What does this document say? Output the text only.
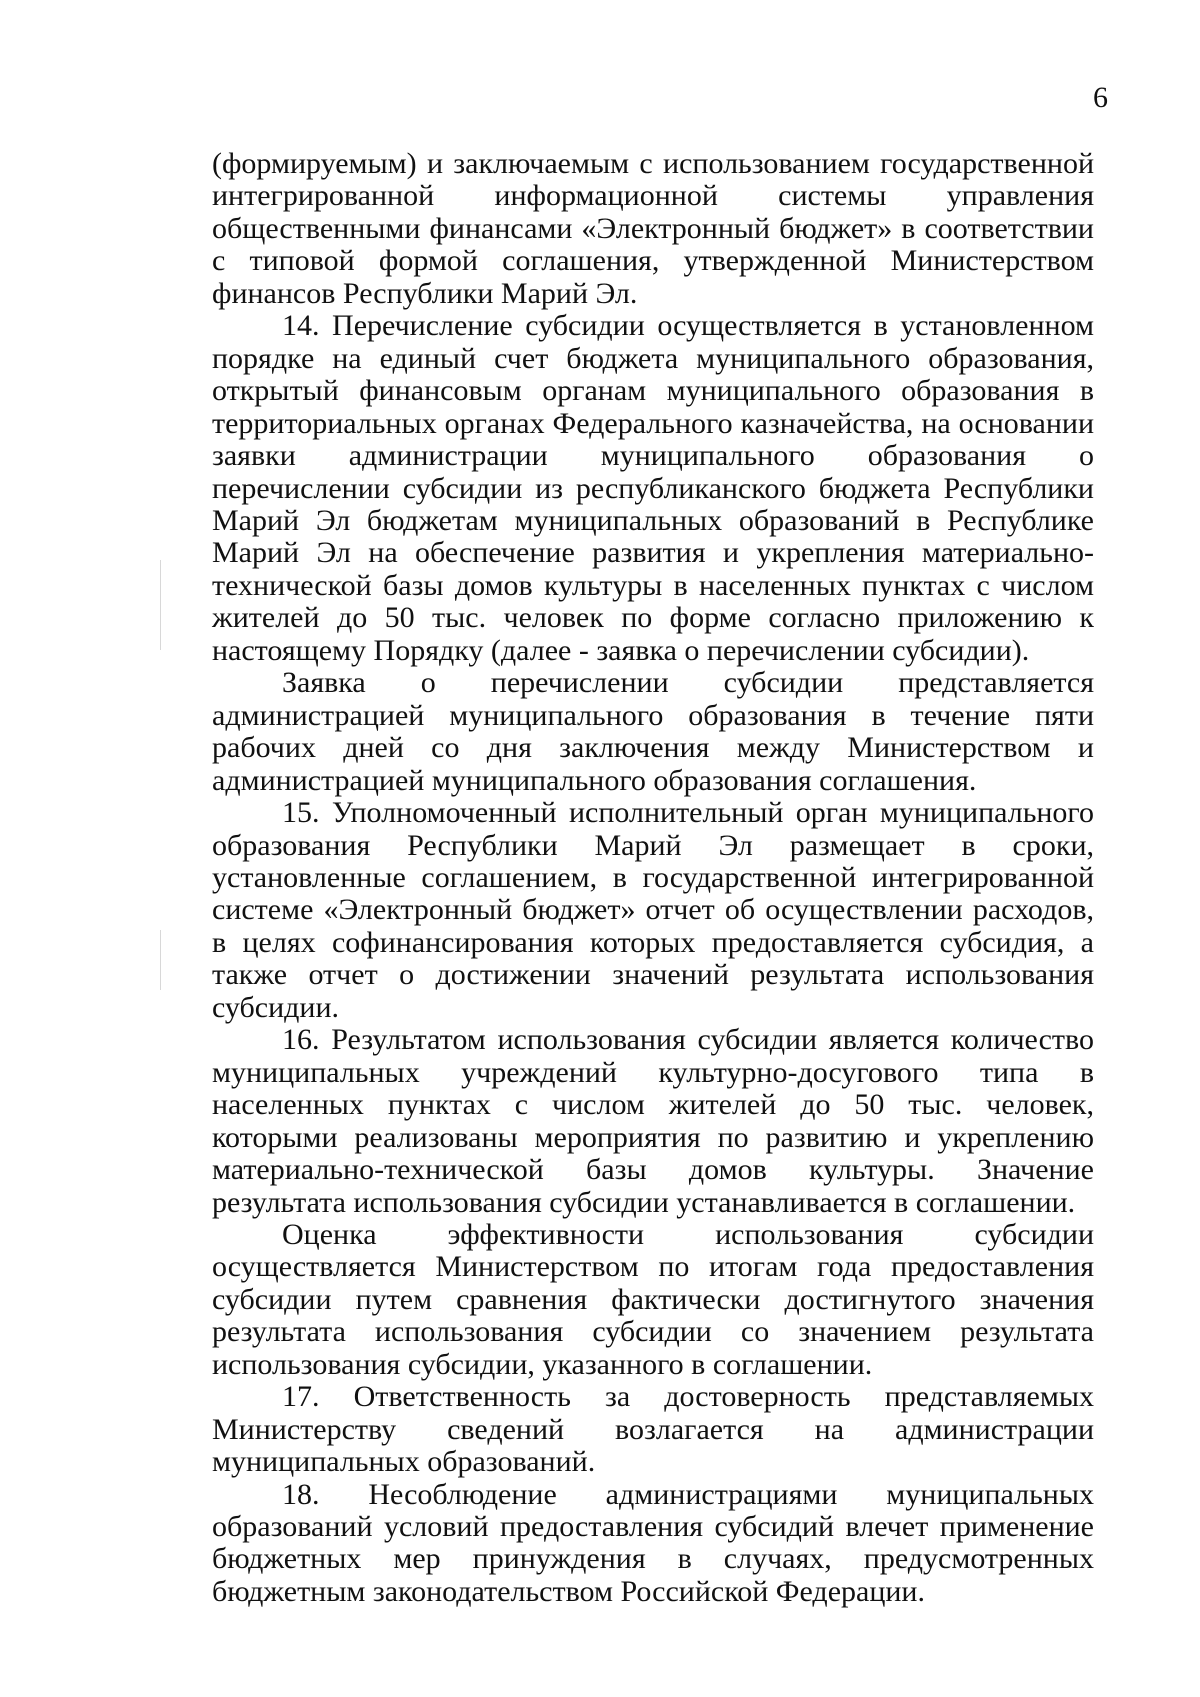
6

(формируемым) и заключаемым с использованием государственной интегрированной информационной системы управления общественными финансами «Электронный бюджет» в соответствии с типовой формой соглашения, утвержденной Министерством финансов Республики Марий Эл.

14. Перечисление субсидии осуществляется в установленном порядке на единый счет бюджета муниципального образования, открытый финансовым органам муниципального образования в территориальных органах Федерального казначейства, на основании заявки администрации муниципального образования о перечислении субсидии из республиканского бюджета Республики Марий Эл бюджетам муниципальных образований в Республике Марий Эл на обеспечение развития и укрепления материально-технической базы домов культуры в населенных пунктах с числом жителей до 50 тыс. человек по форме согласно приложению к настоящему Порядку (далее - заявка о перечислении субсидии).

Заявка о перечислении субсидии представляется администрацией муниципального образования в течение пяти рабочих дней со дня заключения между Министерством и администрацией муниципального образования соглашения.

15. Уполномоченный исполнительный орган муниципального образования Республики Марий Эл размещает в сроки, установленные соглашением, в государственной интегрированной системе «Электронный бюджет» отчет об осуществлении расходов, в целях софинансирования которых предоставляется субсидия, а также отчет о достижении значений результата использования субсидии.

16. Результатом использования субсидии является количество муниципальных учреждений культурно-досугового типа в населенных пунктах с числом жителей до 50 тыс. человек, которыми реализованы мероприятия по развитию и укреплению материально-технической базы домов культуры. Значение результата использования субсидии устанавливается в соглашении.

Оценка эффективности использования субсидии осуществляется Министерством по итогам года предоставления субсидии путем сравнения фактически достигнутого значения результата использования субсидии со значением результата использования субсидии, указанного в соглашении.

17. Ответственность за достоверность представляемых Министерству сведений возлагается на администрации муниципальных образований.

18. Несоблюдение администрациями муниципальных образований условий предоставления субсидий влечет применение бюджетных мер принуждения в случаях, предусмотренных бюджетным законодательством Российской Федерации.
